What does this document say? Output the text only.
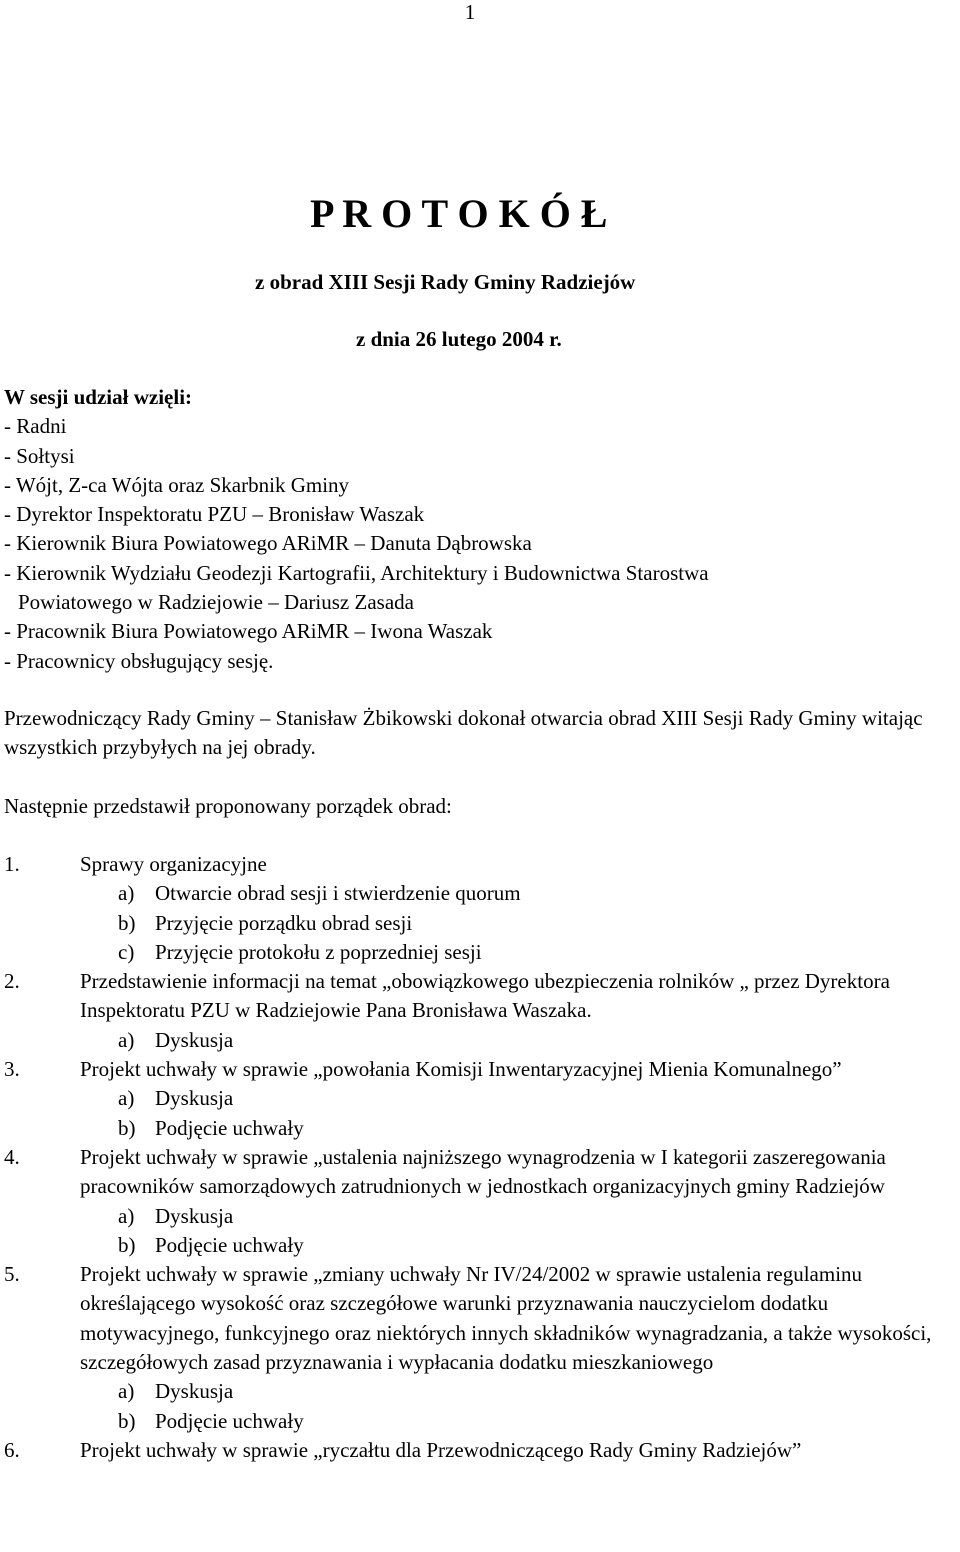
1
P R O T O K Ó Ł
z obrad XIII Sesji Rady Gminy Radziejów
z dnia 26 lutego 2004 r.
W sesji udział wzięli:
- Radni
- Sołtysi
- Wójt, Z-ca Wójta oraz Skarbnik Gminy
- Dyrektor Inspektoratu PZU – Bronisław Waszak
- Kierownik Biura Powiatowego ARiMR – Danuta Dąbrowska
- Kierownik Wydziału Geodezji Kartografii, Architektury i Budownictwa Starostwa
Powiatowego w Radziejowie – Dariusz Zasada
- Pracownik Biura Powiatowego ARiMR – Iwona Waszak
- Pracownicy obsługujący sesję.
Przewodniczący Rady Gminy – Stanisław Żbikowski dokonał otwarcia obrad XIII Sesji Rady Gminy witając wszystkich przybyłych na jej obrady.
Następnie przedstawił proponowany porządek obrad:
1.	Sprawy organizacyjne
a) Otwarcie obrad sesji i stwierdzenie quorum
b) Przyjęcie porządku obrad sesji
c) Przyjęcie protokołu z poprzedniej sesji
2.	Przedstawienie informacji na temat „obowiązkowego ubezpieczenia rolników „ przez Dyrektora Inspektoratu PZU w Radziejowie Pana Bronisława Waszaka.
a) Dyskusja
3.	Projekt uchwały w sprawie „powołania Komisji Inwentaryzacyjnej Mienia Komunalnego”
a) Dyskusja
b) Podjęcie uchwały
4.	Projekt uchwały w sprawie „ustalenia najniższego wynagrodzenia w I kategorii zaszeregowania pracowników samorządowych zatrudnionych w jednostkach organizacyjnych gminy Radziejów
a) Dyskusja
b) Podjęcie uchwały
5.	Projekt uchwały w sprawie „zmiany uchwały Nr IV/24/2002 w sprawie ustalenia regulaminu określającego wysokość oraz szczegółowe warunki przyznawania nauczycielom dodatku motywacyjnego, funkcyjnego oraz niektórych innych składników wynagradzania, a także wysokości, szczegółowych zasad przyznawania i wypłacania dodatku mieszkaniowego
a) Dyskusja
b) Podjęcie uchwały
6.	Projekt uchwały w sprawie „ryczałtu dla Przewodniczącego Rady Gminy Radziejów”
